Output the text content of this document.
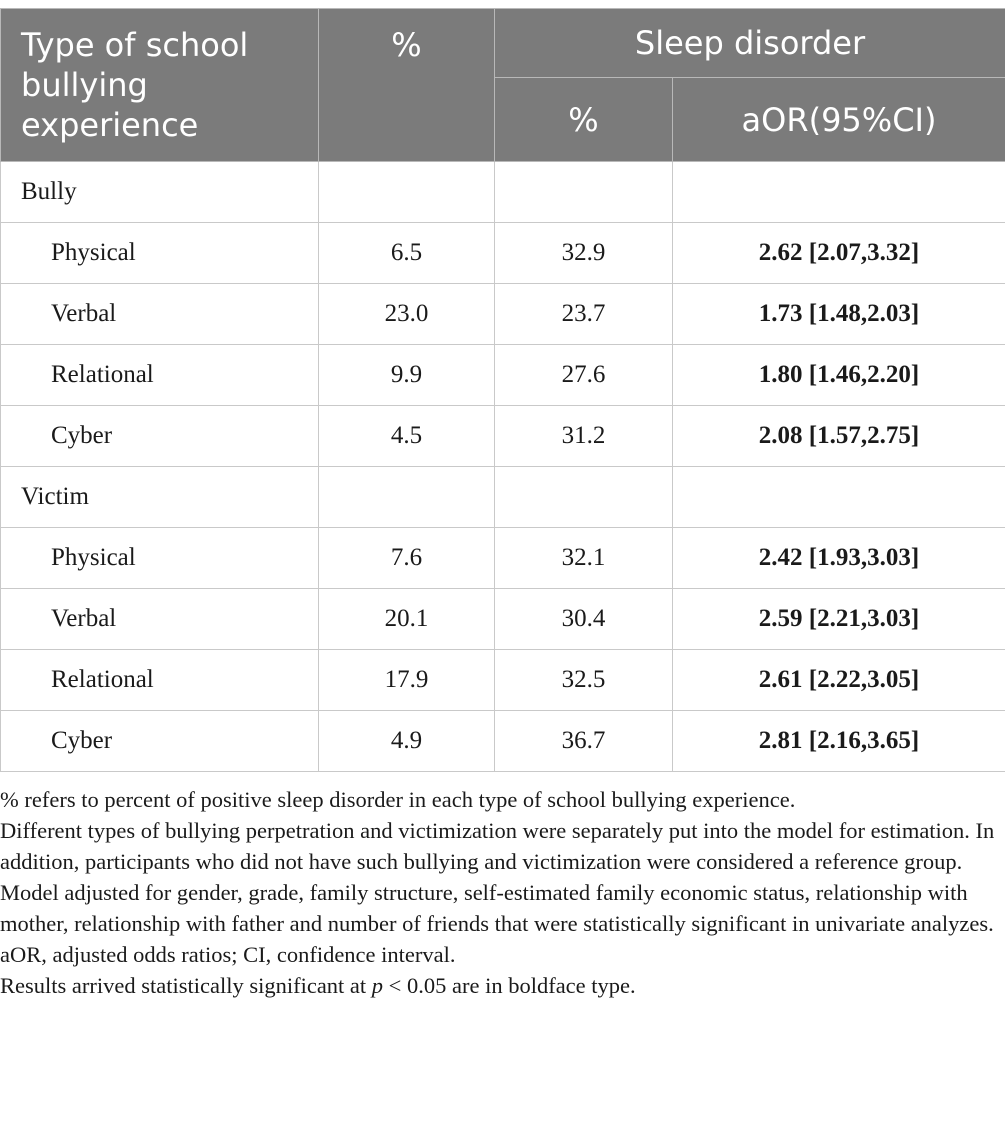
Type of school bullying experience	%	Sleep disorder	
		%	aOR(95%CI)
Bully			
Physical	6.5	32.9	2.62 [2.07,3.32]
Verbal	23.0	23.7	1.73 [1.48,2.03]
Relational	9.9	27.6	1.80 [1.46,2.20]
Cyber	4.5	31.2	2.08 [1.57,2.75]
Victim			
Physical	7.6	32.1	2.42 [1.93,3.03]
Verbal	20.1	30.4	2.59 [2.21,3.03]
Relational	17.9	32.5	2.61 [2.22,3.05]
Cyber	4.9	36.7	2.81 [2.16,3.65]

% refers to percent of positive sleep disorder in each type of school bullying experience.

Different types of bullying perpetration and victimization were separately put into the model for estimation. In addition, participants who did not have such bullying and victimization were considered a reference group.

Model adjusted for gender, grade, family structure, self-estimated family economic status, relationship with mother, relationship with father and number of friends that were statistically significant in univariate analyzes.

aOR, adjusted odds ratios; CI, confidence interval.

Results arrived statistically significant at p < 0.05 are in boldface type.
